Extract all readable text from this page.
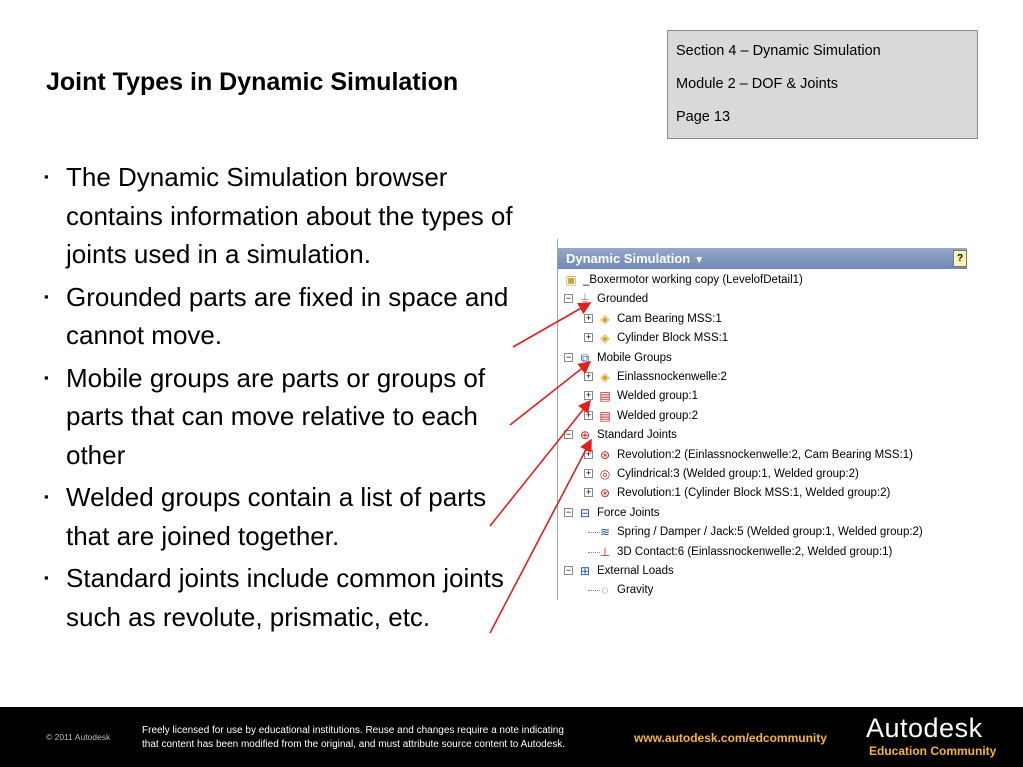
Joint Types in Dynamic Simulation
Section 4 – Dynamic Simulation
Module 2 – DOF & Joints
Page 13
▪ The Dynamic Simulation browser contains information about the types of joints used in a simulation.
▪ Grounded parts are fixed in space and cannot move.
▪ Mobile groups are parts or groups of parts that can move relative to each other
▪ Welded groups contain a list of parts that are joined together.
▪ Standard joints include common joints such as revolute, prismatic, etc.
Dynamic Simulation ▼	?
▣ _Boxermotor working copy (LevelofDetail1)
− ⏚ Grounded
+ ◈ Cam Bearing MSS:1
+ ◈ Cylinder Block MSS:1
− ⧉ Mobile Groups
+ ◈ Einlassnockenwelle:2
+ ▤ Welded group:1
+ ▤ Welded group:2
− ⊕ Standard Joints
+ ⊛ Revolution:2 (Einlassnockenwelle:2, Cam Bearing MSS:1)
+ ◎ Cylindrical:3 (Welded group:1, Welded group:2)
+ ⊛ Revolution:1 (Cylinder Block MSS:1, Welded group:2)
− ⊟ Force Joints
≋ Spring / Damper / Jack:5 (Welded group:1, Welded group:2)
⊥ 3D Contact:6 (Einlassnockenwelle:2, Welded group:1)
− ⊞ External Loads
◌ Gravity
© 2011 Autodesk
Freely licensed for use by educational institutions. Reuse and changes require a note indicating
that content has been modified from the original, and must attribute source content to Autodesk.	www.autodesk.com/edcommunity Autodesk
Education Community
